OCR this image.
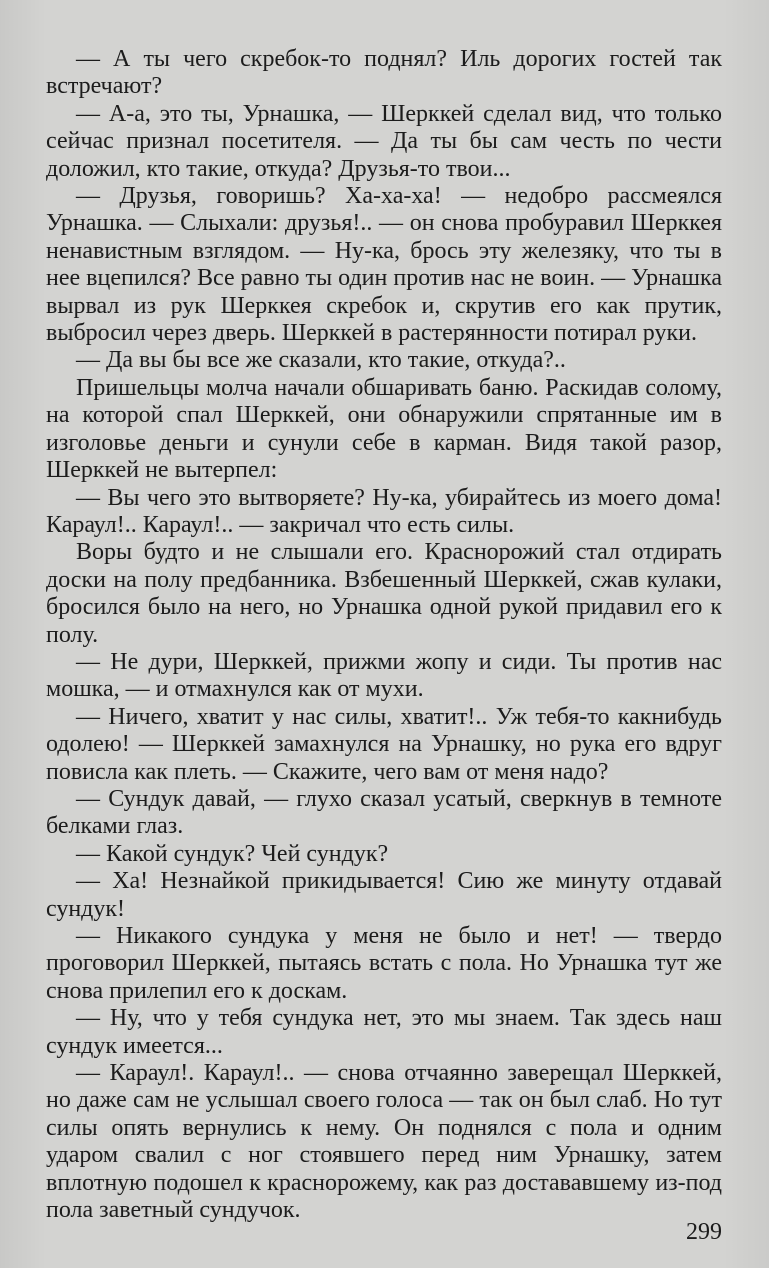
— А ты чего скребок-то поднял? Иль дорогих гостей так встречают?

— А-а, это ты, Урнашка, — Шерккей сделал вид, что только сейчас признал посетителя. — Да ты бы сам честь по чести доложил, кто такие, откуда? Друзья-то твои...

— Друзья, говоришь? Ха-ха-ха! — недобро рассмеялся Урнашка. — Слыхали: друзья!.. — он снова пробуравил Шерккея ненавистным взглядом. — Ну-ка, брось эту железяку, что ты в нее вцепился? Все равно ты один против нас не воин. — Урнашка вырвал из рук Шерккея скребок и, скрутив его как прутик, выбросил через дверь. Шерккей в растерянности потирал руки.

— Да вы бы все же сказали, кто такие, откуда?..

Пришельцы молча начали обшаривать баню. Раскидав солому, на которой спал Шерккей, они обнаружили спрятанные им в изголовье деньги и сунули себе в карман. Видя такой разор, Шерккей не вытерпел:

— Вы чего это вытворяете? Ну-ка, убирайтесь из моего дома! Караул!.. Караул!.. — закричал что есть силы.

Воры будто и не слышали его. Краснорожий стал отдирать доски на полу предбанника. Взбешенный Шерккей, сжав кулаки, бросился было на него, но Урнашка одной рукой придавил его к полу.

— Не дури, Шерккей, прижми жопу и сиди. Ты против нас мошка, — и отмахнулся как от мухи.

— Ничего, хватит у нас силы, хватит!.. Уж тебя-то какнибудь одолею! — Шерккей замахнулся на Урнашку, но рука его вдруг повисла как плеть. — Скажите, чего вам от меня надо?

— Сундук давай, — глухо сказал усатый, сверкнув в темноте белками глаз.

— Какой сундук? Чей сундук?

— Ха! Незнайкой прикидывается! Сию же минуту отдавай сундук!

— Никакого сундука у меня не было и нет! — твердо проговорил Шерккей, пытаясь встать с пола. Но Урнашка тут же снова прилепил его к доскам.

— Ну, что у тебя сундука нет, это мы знаем. Так здесь наш сундук имеется...

— Караул!. Караул!.. — снова отчаянно заверещал Шерккей, но даже сам не услышал своего голоса — так он был слаб. Но тут силы опять вернулись к нему. Он поднялся с пола и одним ударом свалил с ног стоявшего перед ним Урнашку, затем вплотную подошел к краснорожему, как раз достававшему из-под пола заветный сундучок.

299
